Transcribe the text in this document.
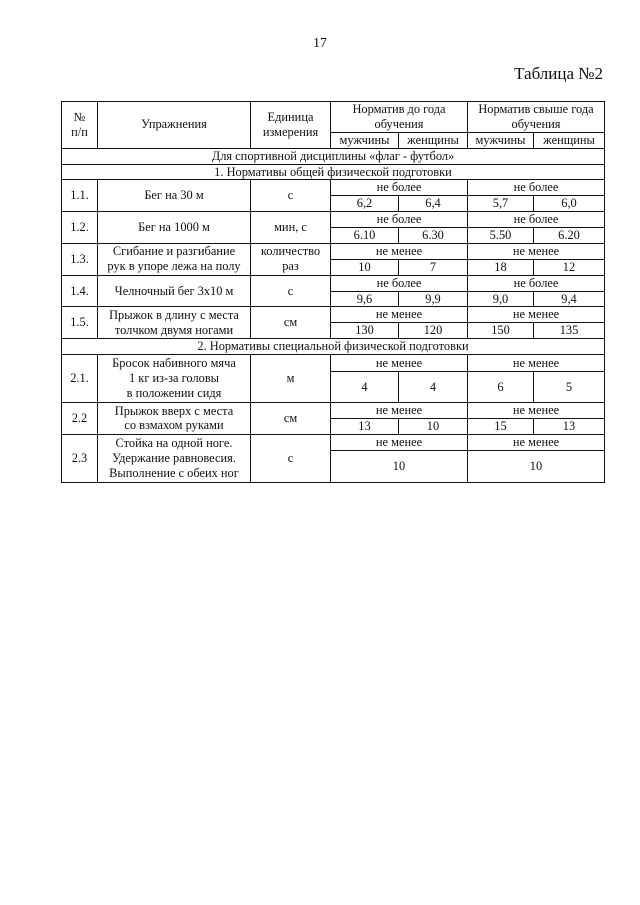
17
Таблица №2
№
п/п	Упражнения	Единица
измерения	Норматив до года
обучения		Норматив свыше года
обучения	
			мужчины	женщины	мужчины	женщины
Для спортивной дисциплины «флаг - футбол»						
1. Нормативы общей физической подготовки						
1.1.	Бег на 30 м	с	не более		не более	
			6,2	6,4	5,7	6,0
1.2.	Бег на 1000 м	мин, с	не более		не более	
			6.10	6.30	5.50	6.20
1.3.	Сгибание и разгибание
рук в упоре лежа на полу	количество
раз	не менее		не менее	
			10	7	18	12
1.4.	Челночный бег 3х10 м	с	не более		не более	
			9,6	9,9	9,0	9,4
1.5.	Прыжок в длину с места
толчком двумя ногами	см	не менее		не менее	
			130	120	150	135
2. Нормативы специальной физической подготовки						
2.1.	Бросок набивного мяча
1 кг из-за головы
в положении сидя	м	не менее		не менее	
			4	4	6	5
2.2	Прыжок вверх с места
со взмахом руками	см	не менее		не менее	
			13	10	15	13
2.3	Стойка на одной ноге.
Удержание равновесия.
Выполнение с обеих ног	с	не менее		не менее	
			10		10	
